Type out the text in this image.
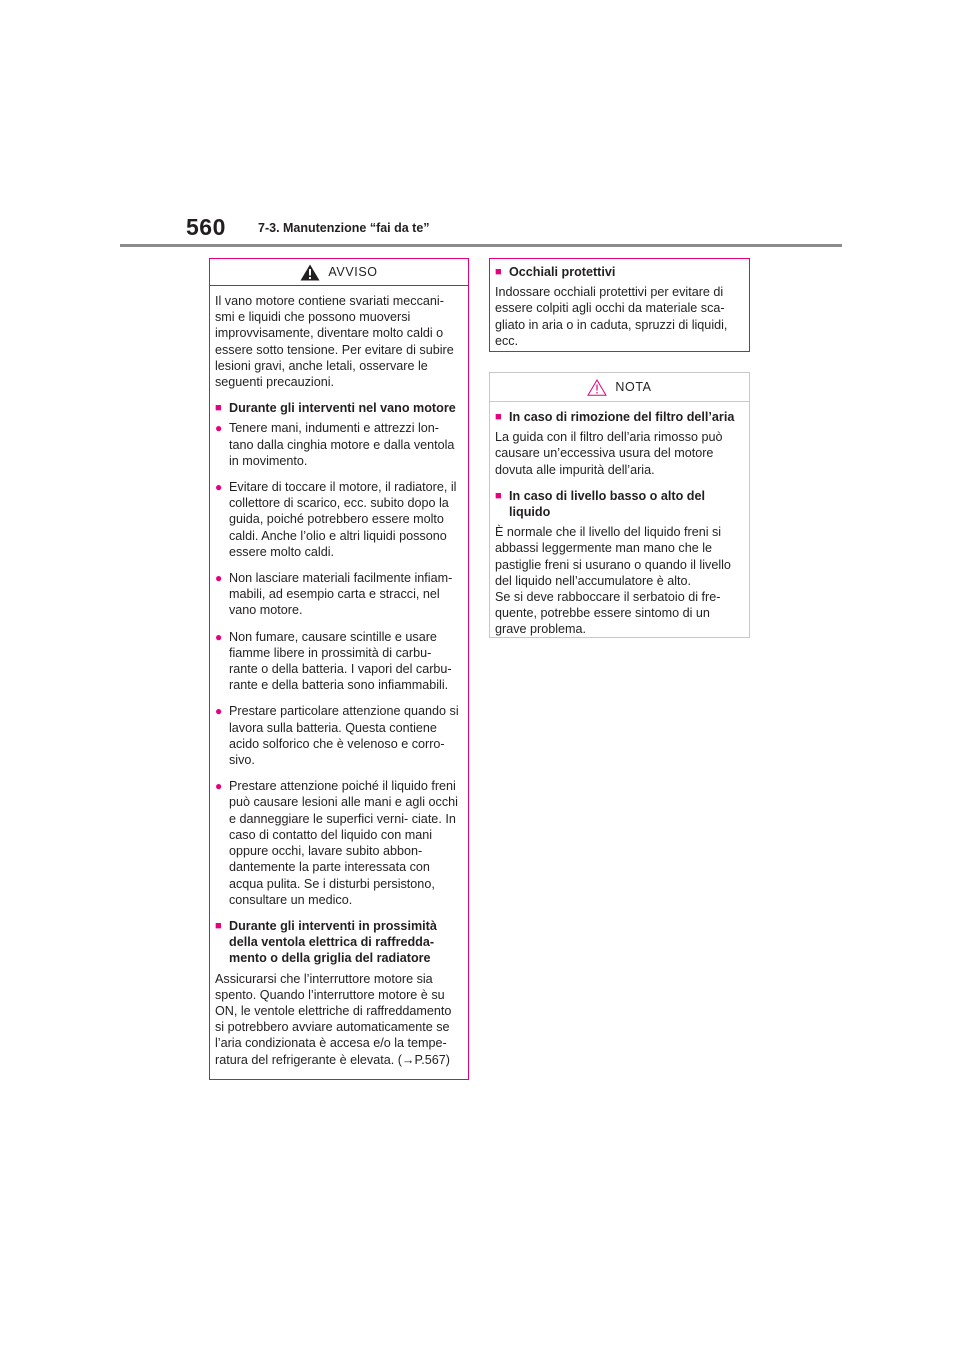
560	7-3. Manutenzione “fai da te”
AVVISO

Il vano motore contiene svariati meccani- smi e liquidi che possono muoversi improvvisamente, diventare molto caldi o essere sotto tensione. Per evitare di subire lesioni gravi, anche letali, osservare le seguenti precauzioni.

■ Durante gli interventi nel vano motore
● Tenere mani, indumenti e attrezzi lon- tano dalla cinghia motore e dalla ventola in movimento.
● Evitare di toccare il motore, il radiatore, il collettore di scarico, ecc. subito dopo la guida, poiché potrebbero essere molto caldi. Anche l’olio e altri liquidi possono essere molto caldi.
● Non lasciare materiali facilmente infiam- mabili, ad esempio carta e stracci, nel vano motore.
● Non fumare, causare scintille e usare fiamme libere in prossimità di carbu- rante o della batteria. I vapori del carbu- rante e della batteria sono infiammabili.
● Prestare particolare attenzione quando si lavora sulla batteria. Questa contiene acido solforico che è velenoso e corro- sivo.
● Prestare attenzione poiché il liquido freni può causare lesioni alle mani e agli occhi e danneggiare le superfici verni- ciate. In caso di contatto del liquido con mani oppure occhi, lavare subito abbon- dantemente la parte interessata con acqua pulita. Se i disturbi persistono, consultare un medico.
■ Durante gli interventi in prossimità della ventola elettrica di raffredda- mento o della griglia del radiatore

Assicurarsi che l’interruttore motore sia spento. Quando l’interruttore motore è su ON, le ventole elettriche di raffreddamento si potrebbero avviare automaticamente se l’aria condizionata è accesa e/o la tempe- ratura del refrigerante è elevata. (→P.567)

■ Occhiali protettivi

Indossare occhiali protettivi per evitare di essere colpiti agli occhi da materiale sca- gliato in aria o in caduta, spruzzi di liquidi, ecc.

NOTA
■ In caso di rimozione del filtro dell’aria

La guida con il filtro dell’aria rimosso può causare un’eccessiva usura del motore dovuta alle impurità dell’aria.

■ In caso di livello basso o alto del liquido

È normale che il livello del liquido freni si abbassi leggermente man mano che le pastiglie freni si usurano o quando il livello del liquido nell’accumulatore è alto.

Se si deve rabboccare il serbatoio di fre- quente, potrebbe essere sintomo di un grave problema.
